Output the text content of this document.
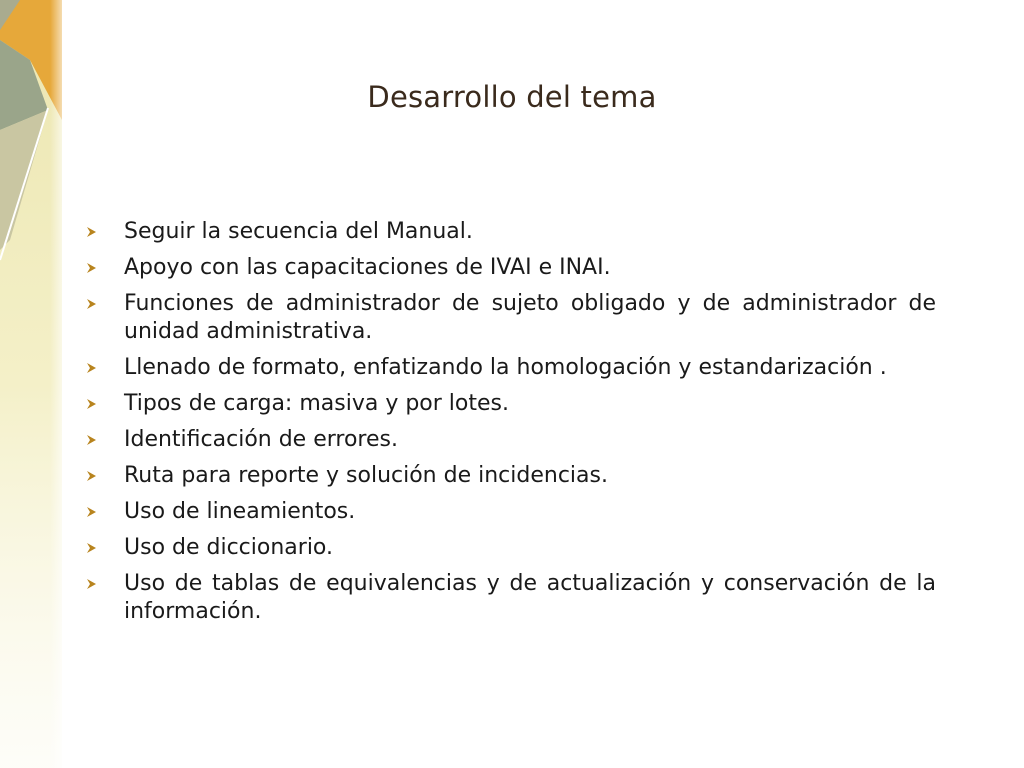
Desarrollo del tema
Seguir la secuencia del Manual.
Apoyo con las capacitaciones de IVAI e INAI.
Funciones de administrador de sujeto obligado y de administrador de unidad administrativa.
Llenado de formato, enfatizando la homologación y estandarización .
Tipos de carga: masiva y por lotes.
Identificación de errores.
Ruta para reporte y solución de incidencias.
Uso de lineamientos.
Uso de diccionario.
Uso de tablas de equivalencias y de actualización y conservación de la información.
